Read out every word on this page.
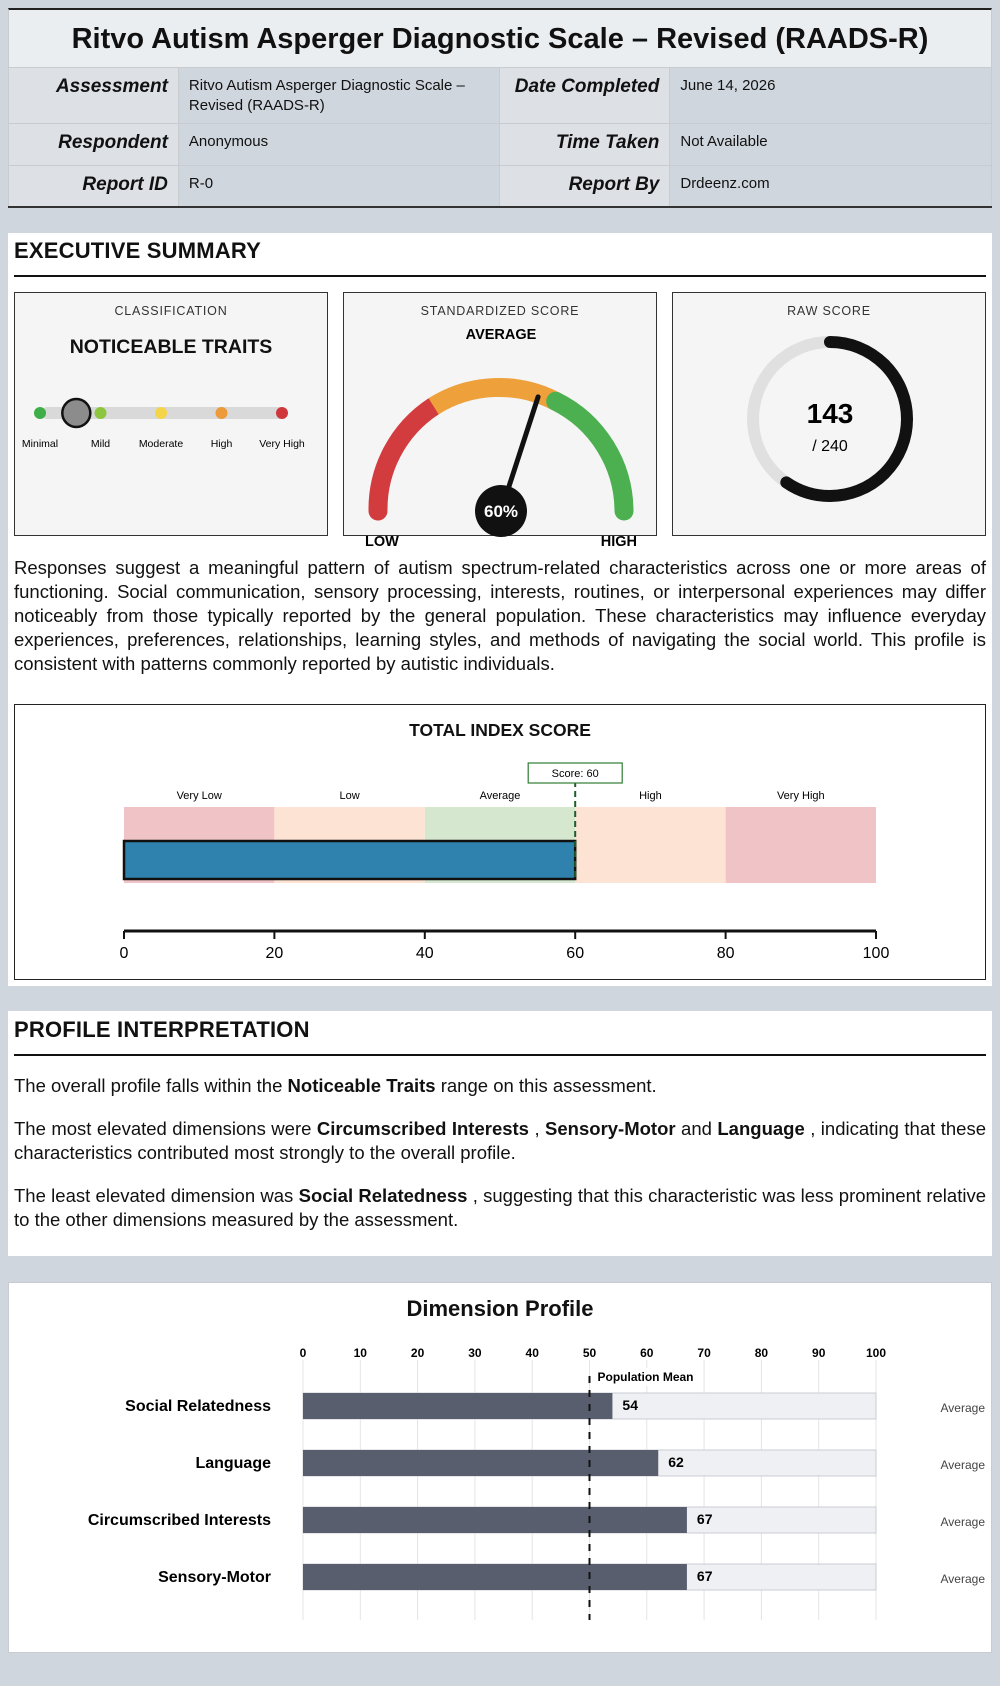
Ritvo Autism Asperger Diagnostic Scale – Revised (RAADS-R)
Assessment	Ritvo Autism Asperger Diagnostic Scale – Revised (RAADS-R)	Date Completed	June 14, 2026
Respondent	Anonymous	Time Taken	Not Available
Report ID	R-0	Report By	Drdeenz.com
EXECUTIVE SUMMARY
CLASSIFICATION
NOTICEABLE TRAITS
Minimal	Mild	Moderate	High	Very High
STANDARDIZED SCORE
AVERAGE
60%
LOW	HIGH
RAW SCORE
143
/ 240
Responses suggest a meaningful pattern of autism spectrum-related characteristics across one or more areas of functioning. Social communication, sensory processing, interests, routines, or interpersonal experiences may differ noticeably from those typically reported by the general population. These characteristics may influence everyday experiences, preferences, relationships, learning styles, and methods of navigating the social world. This profile is consistent with patterns commonly reported by autistic individuals.
TOTAL INDEX SCORE
Very Low	Low	Average	High	Very High
Score: 60
0	20	40	60	80	100
PROFILE INTERPRETATION
The overall profile falls within the Noticeable Traits range on this assessment.
The most elevated dimensions were Circumscribed Interests , Sensory-Motor and Language , indicating that these characteristics contributed most strongly to the overall profile.
The least elevated dimension was Social Relatedness , suggesting that this characteristic was less prominent relative to the other dimensions measured by the assessment.
Dimension Profile
0	10	20	30	40	50	60	70	80	90	100
Social Relatedness	54	Average
Language	62	Average
Circumscribed Interests	67	Average
Sensory-Motor	67	Average
Population Mean
